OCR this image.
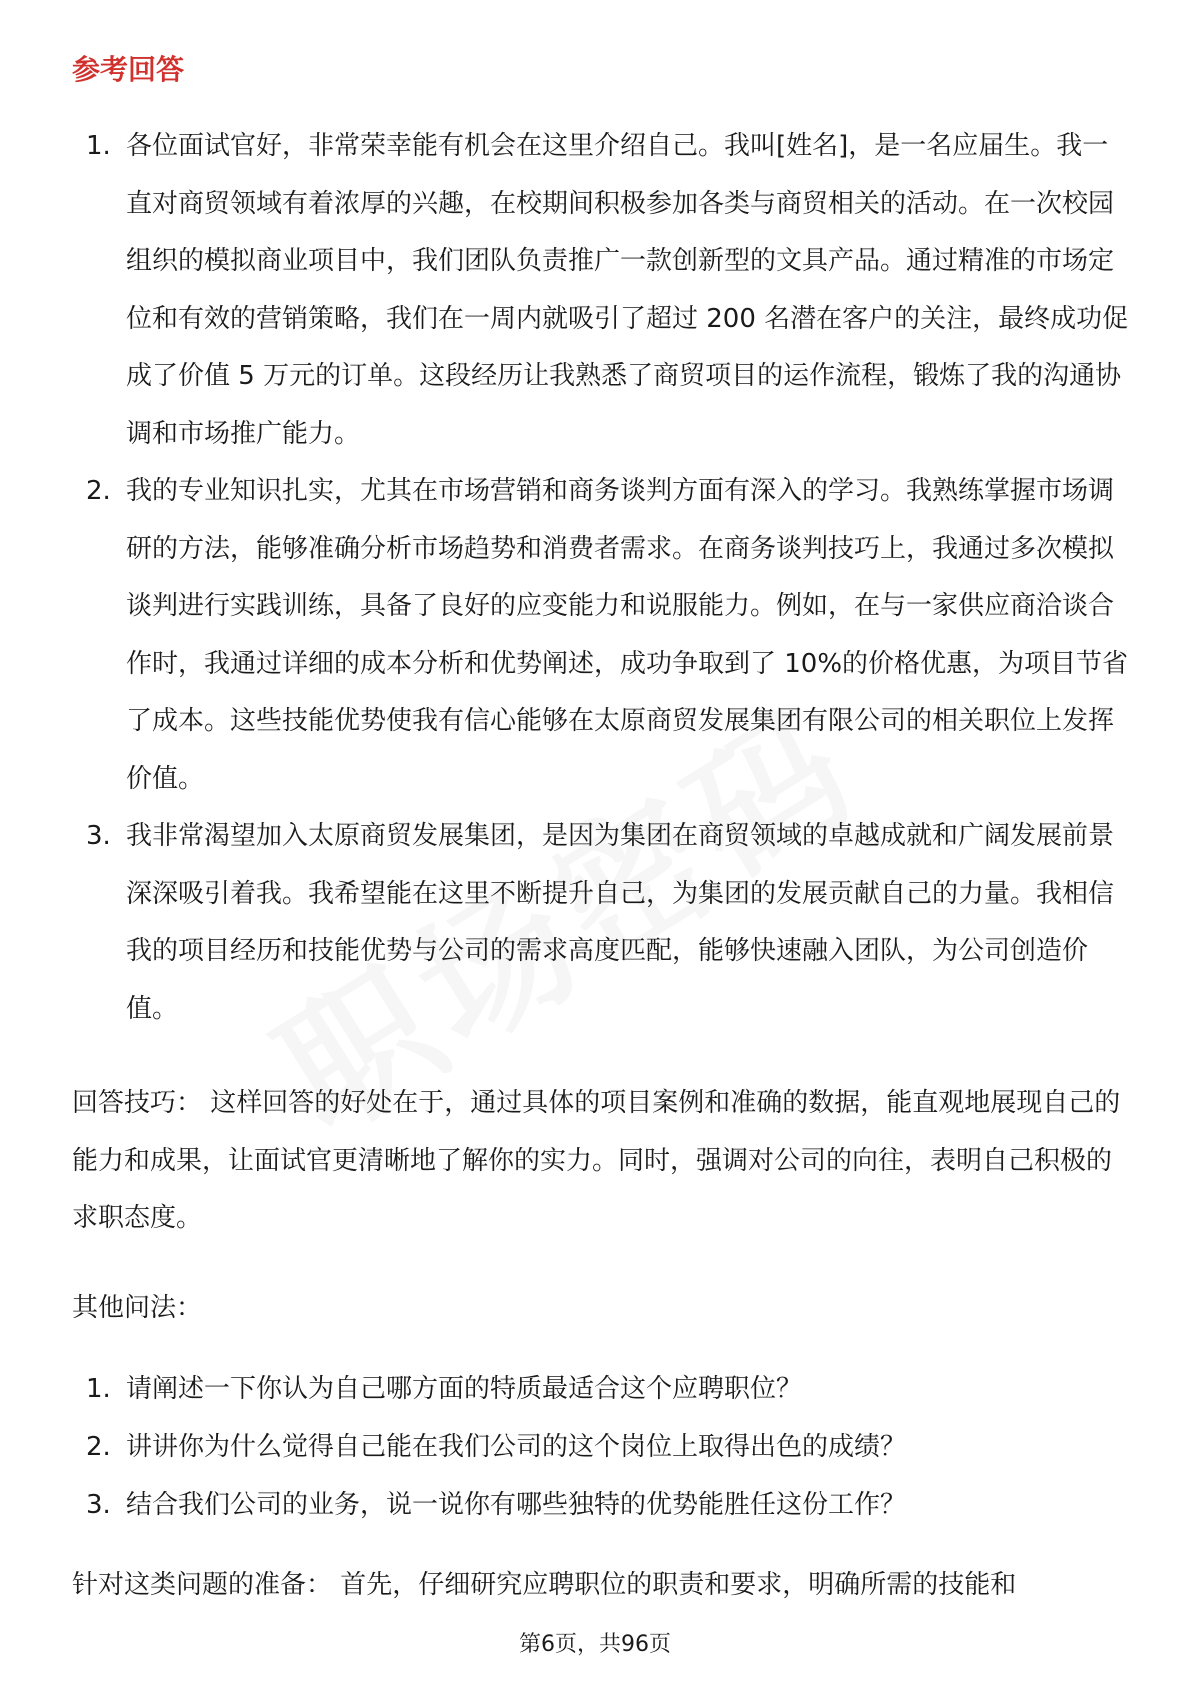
参考回答
1. 各位面试官好，非常荣幸能有机会在这里介绍自己。我叫[姓名]，是一名应届生。我一直对商贸领域有着浓厚的兴趣，在校期间积极参加各类与商贸相关的活动。在一次校园组织的模拟商业项目中，我们团队负责推广一款创新型的文具产品。通过精准的市场定位和有效的营销策略，我们在一周内就吸引了超过 200 名潜在客户的关注，最终成功促成了价值 5 万元的订单。这段经历让我熟悉了商贸项目的运作流程，锻炼了我的沟通协调和市场推广能力。
2. 我的专业知识扎实，尤其在市场营销和商务谈判方面有深入的学习。我熟练掌握市场调研的方法，能够准确分析市场趋势和消费者需求。在商务谈判技巧上，我通过多次模拟谈判进行实践训练，具备了良好的应变能力和说服能力。例如，在与一家供应商洽谈合作时，我通过详细的成本分析和优势阐述，成功争取到了 10%的价格优惠，为项目节省了成本。这些技能优势使我有信心能够在太原商贸发展集团有限公司的相关职位上发挥价值。
3. 我非常渴望加入太原商贸发展集团，是因为集团在商贸领域的卓越成就和广阔发展前景深深吸引着我。我希望能在这里不断提升自己，为集团的发展贡献自己的力量。我相信我的项目经历和技能优势与公司的需求高度匹配，能够快速融入团队，为公司创造价值。

回答技巧： 这样回答的好处在于，通过具体的项目案例和准确的数据，能直观地展现自己的能力和成果，让面试官更清晰地了解你的实力。同时，强调对公司的向往，表明自己积极的求职态度。

其他问法：

1. 请阐述一下你认为自己哪方面的特质最适合这个应聘职位？
2. 讲讲你为什么觉得自己能在我们公司的这个岗位上取得出色的成绩？
3. 结合我们公司的业务，说一说你有哪些独特的优势能胜任这份工作？

针对这类问题的准备： 首先，仔细研究应聘职位的职责和要求，明确所需的技能和

第6页，共96页
